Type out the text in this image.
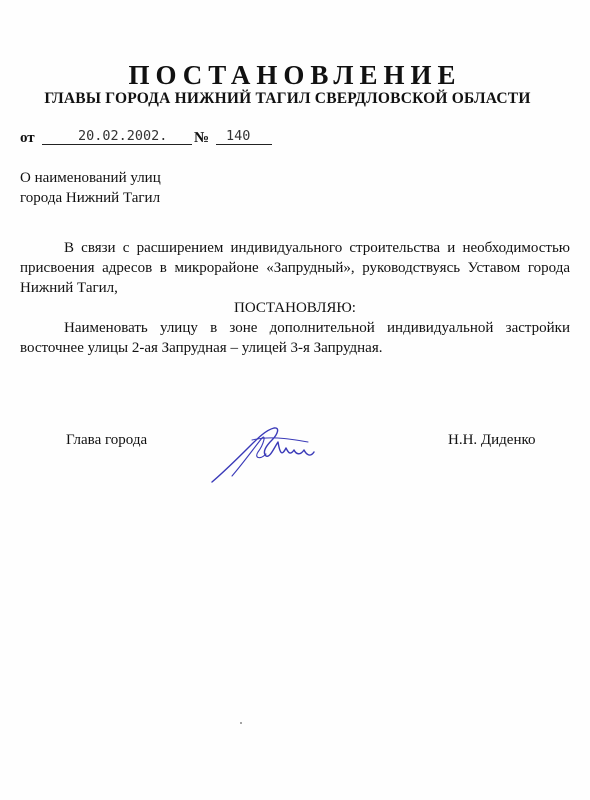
ПОСТАНОВЛЕНИЕ
ГЛАВЫ ГОРОДА НИЖНИЙ ТАГИЛ СВЕРДЛОВСКОЙ ОБЛАСТИ
от	20.02.2002.	№	140
О наименований улиц
города Нижний Тагил

В связи с расширением индивидуального строительства и необходимостью присвоения адресов в микрорайоне «Запрудный», руководствуясь Уставом города Нижний Тагил,

ПОСТАНОВЛЯЮ:

Наименовать улицу в зоне дополнительной индивидуальной застройки восточнее улицы 2-ая Запрудная – улицей 3-я Запрудная.

Глава города	Н.Н. Диденко
